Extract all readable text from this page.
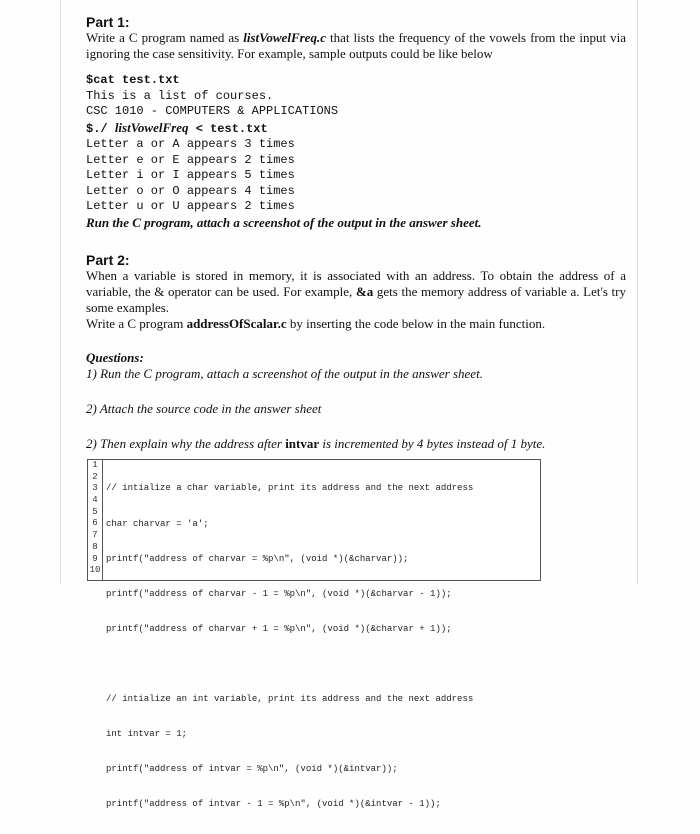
Part 1:

Write a C program named as listVowelFreq.c that lists the frequency of the vowels from the input via ignoring the case sensitivity. For example, sample outputs could be like below

$cat test.txt

This is a list of courses.

CSC 1010 - COMPUTERS & APPLICATIONS

$./ listVowelFreq < test.txt

Letter a or A appears 3 times

Letter e or E appears 2 times

Letter i or I appears 5 times

Letter o or O appears 4 times

Letter u or U appears 2 times

Run the C program, attach a screenshot of the output in the answer sheet.

Part 2:

When a variable is stored in memory, it is associated with an address. To obtain the address of a variable, the & operator can be used. For example, &a gets the memory address of variable a. Let's try some examples.

Write a C program addressOfScalar.c by inserting the code below in the main function.

Questions:

1) Run the C program, attach a screenshot of the output in the answer sheet.

2) Attach the source code in the answer sheet

2) Then explain why the address after intvar is incremented by 4 bytes instead of 1 byte.

1
2
3
4
5
6
7
8
9
10

// intialize a char variable, print its address and the next address

char charvar = 'a';

printf("address of charvar = %p\n", (void *)(&charvar));

printf("address of charvar - 1 = %p\n", (void *)(&charvar - 1));

printf("address of charvar + 1 = %p\n", (void *)(&charvar + 1));

// intialize an int variable, print its address and the next address

int intvar = 1;

printf("address of intvar = %p\n", (void *)(&intvar));

printf("address of intvar - 1 = %p\n", (void *)(&intvar - 1));
